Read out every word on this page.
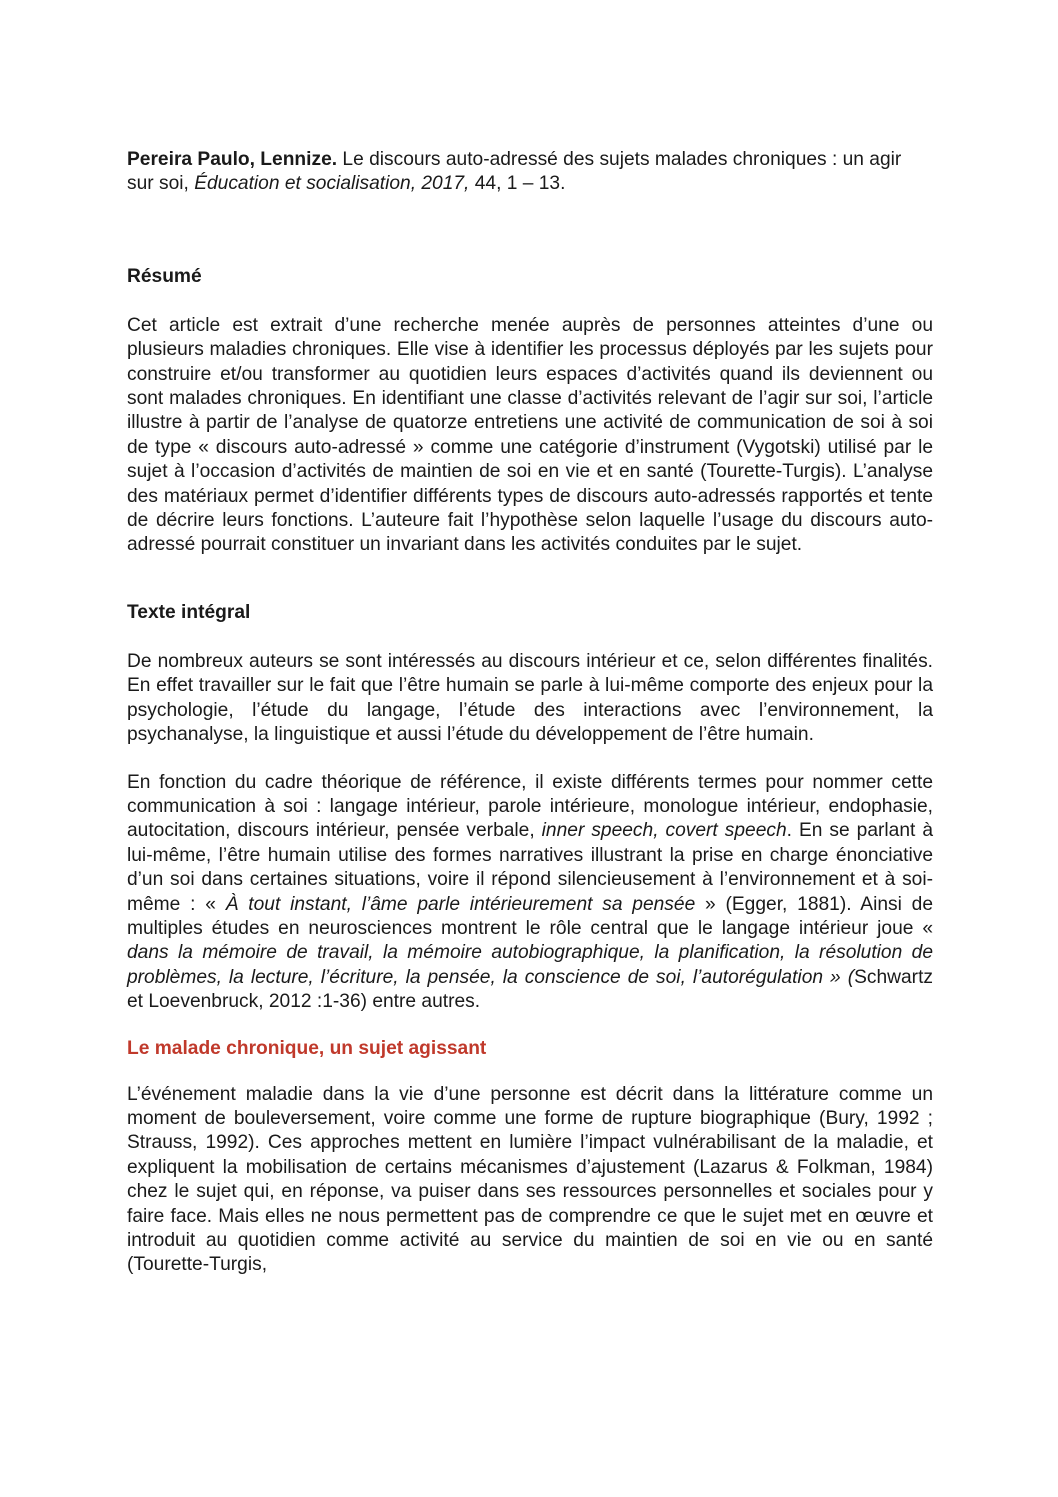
Pereira Paulo, Lennize. Le discours auto-adressé des sujets malades chroniques : un agir sur soi, Éducation et socialisation, 2017, 44, 1 – 13.

Résumé

Cet article est extrait d’une recherche menée auprès de personnes atteintes d’une ou plusieurs maladies chroniques. Elle vise à identifier les processus déployés par les sujets pour construire et/ou transformer au quotidien leurs espaces d’activités quand ils deviennent ou sont malades chroniques. En identifiant une classe d’activités relevant de l’agir sur soi, l’article illustre à partir de l’analyse de quatorze entretiens une activité de communication de soi à soi de type « discours auto-adressé » comme une catégorie d’instrument (Vygotski) utilisé par le sujet à l’occasion d’activités de maintien de soi en vie et en santé (Tourette-Turgis). L’analyse des matériaux permet d’identifier différents types de discours auto-adressés rapportés et tente de décrire leurs fonctions. L’auteure fait l’hypothèse selon laquelle l’usage du discours auto-adressé pourrait constituer un invariant dans les activités conduites par le sujet.

Texte intégral

De nombreux auteurs se sont intéressés au discours intérieur et ce, selon différentes finalités. En effet travailler sur le fait que l’être humain se parle à lui-même comporte des enjeux pour la psychologie, l’étude du langage, l’étude des interactions avec l’environnement, la psychanalyse, la linguistique et aussi l’étude du développement de l’être humain.

En fonction du cadre théorique de référence, il existe différents termes pour nommer cette communication à soi : langage intérieur, parole intérieure, monologue intérieur, endophasie, autocitation, discours intérieur, pensée verbale, inner speech, covert speech. En se parlant à lui-même, l’être humain utilise des formes narratives illustrant la prise en charge énonciative d’un soi dans certaines situations, voire il répond silencieusement à l’environnement et à soi-même : « À tout instant, l’âme parle intérieurement sa pensée » (Egger, 1881). Ainsi de multiples études en neurosciences montrent le rôle central que le langage intérieur joue « dans la mémoire de travail, la mémoire autobiographique, la planification, la résolution de problèmes, la lecture, l’écriture, la pensée, la conscience de soi, l’autorégulation » (Schwartz et Loevenbruck, 2012 :1-36) entre autres.

Le malade chronique, un sujet agissant

L’événement maladie dans la vie d’une personne est décrit dans la littérature comme un moment de bouleversement, voire comme une forme de rupture biographique (Bury, 1992 ; Strauss, 1992). Ces approches mettent en lumière l’impact vulnérabilisant de la maladie, et expliquent la mobilisation de certains mécanismes d’ajustement (Lazarus & Folkman, 1984) chez le sujet qui, en réponse, va puiser dans ses ressources personnelles et sociales pour y faire face. Mais elles ne nous permettent pas de comprendre ce que le sujet met en œuvre et introduit au quotidien comme activité au service du maintien de soi en vie ou en santé (Tourette-Turgis,
